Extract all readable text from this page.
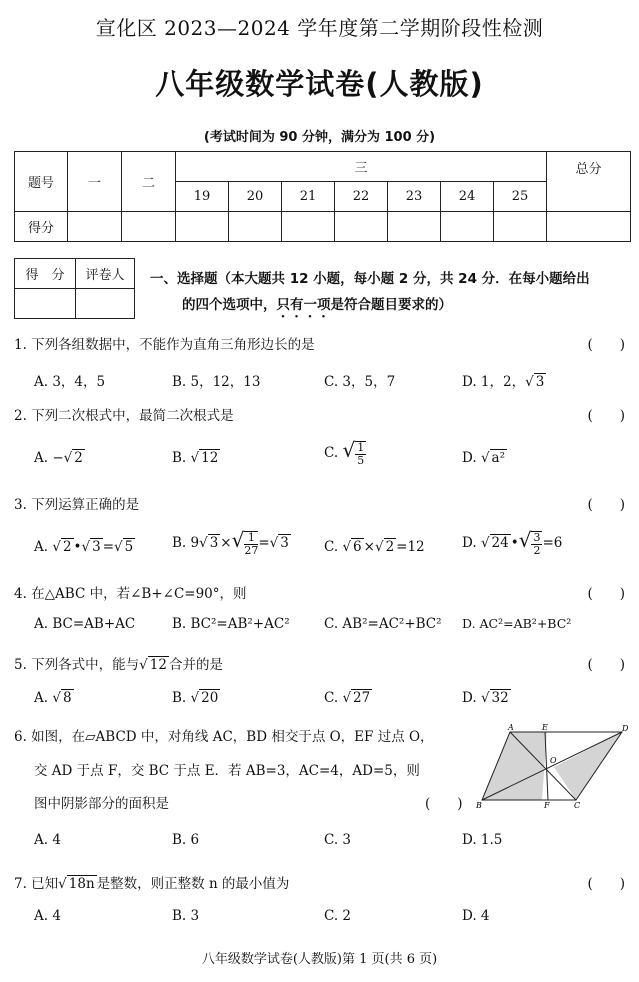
宣化区 2023—2024 学年度第二学期阶段性检测
八年级数学试卷(人教版)
(考试时间为 90 分钟，满分为 100 分)
题号	一	二	三							总分
			19	20	21	22	23	24	25	
得分										
得　分	评卷人
	一、选择题（本大题共 12 小题，每小题 2 分，共 24 分．在每小题给出
的四个选项中，只有一项是符合题目要求的）
1. 下列各组数据中，不能作为直角三角形边长的是	(　　)
A. 3，4，5	B. 5，12，13	C. 3，5，7	D. 1，2，√ 3
2. 下列二次根式中，最简二次根式是	(　　)
A. −√ 2	B. √ 12	C. √ $\frac{1}{5}$	D. √ a²
3. 下列运算正确的是	(　　)
A. √ 2 •√ 3 =√ 5	B. 9√ 3 ×√ $\frac{1}{27}$ =√ 3	C. √ 6 ×√ 2 =12	D. √ 24 •√ $\frac{3}{2} =6$
4. 在△ABC 中，若∠B+∠C=90°，则	(　　)
A. BC=AB+AC	B. BC²=AB²+AC²	C. AB²=AC²+BC² D. AC²=AB²+BC²
5. 下列各式中，能与√ 12 合并的是	(　　)
A. √ 8	B. √ 20	C. √ 27	D. √ 32
6. 如图，在▱ABCD 中，对角线 AC，BD 相交于点 O，EF 过点 O，
交 AD 于点 F，交 BC 于点 E．若 AB=3，AC=4，AD=5，则
图中阴影部分的面积是	(　　)
A	E	D
B	F	C
O
A. 4	B. 6	C. 3	D. 1.5
7. 已知√ 18n 是整数，则正整数 n 的最小值为	(　　)
A. 4	B. 3	C. 2	D. 4
八年级数学试卷(人教版)第 1 页(共 6 页)
